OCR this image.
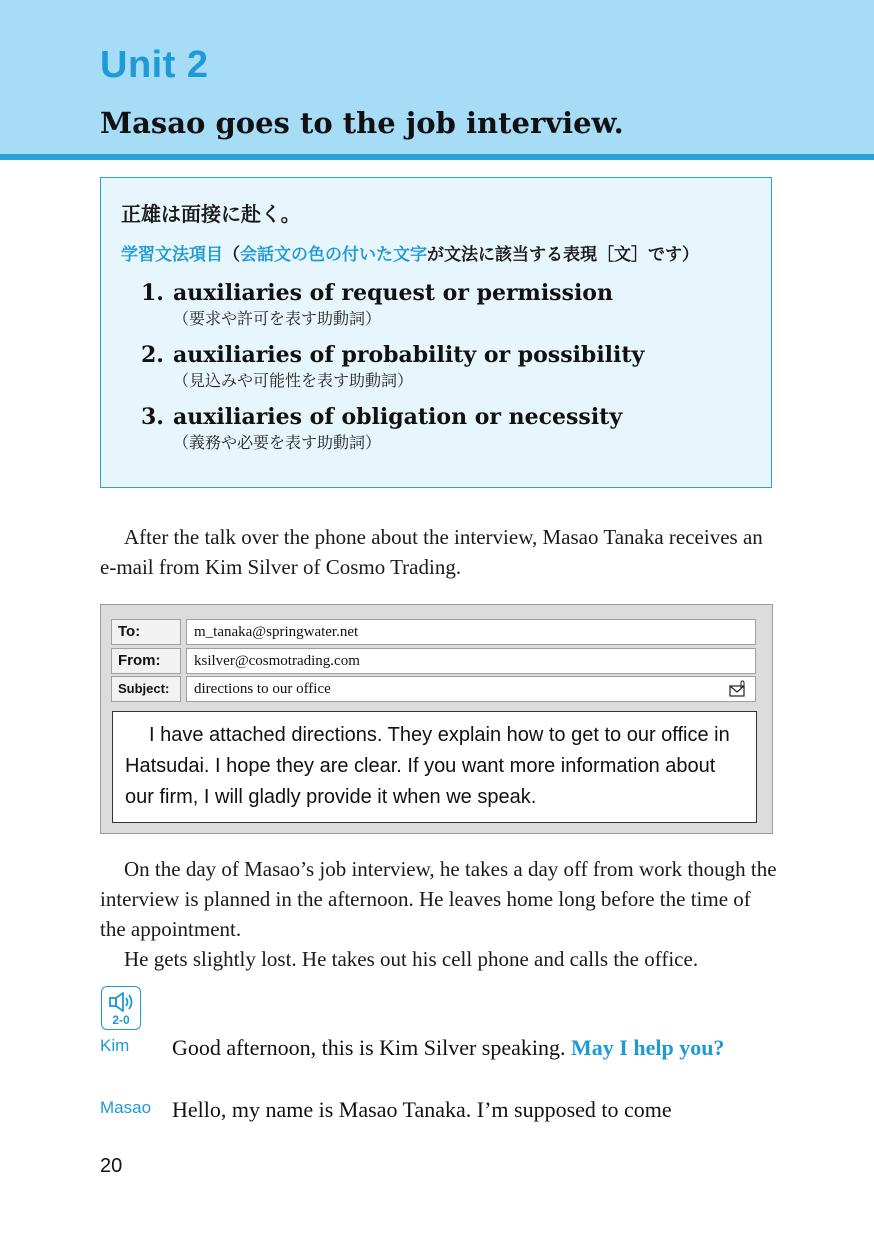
Unit 2
Masao goes to the job interview.
正雄は面接に赴く。
学習文法項目（会話文の色の付いた文字が文法に該当する表現［文］です）
1. auxiliaries of request or permission
（要求や許可を表す助動詞）
2. auxiliaries of probability or possibility
（見込みや可能性を表す助動詞）
3. auxiliaries of obligation or necessity
（義務や必要を表す助動詞）

After the talk over the phone about the interview, Masao Tanaka receives an e-mail from Kim Silver of Cosmo Trading.

To:	m_tanaka@springwater.net
From:	ksilver@cosmotrading.com
Subject:	directions to our office

I have attached directions. They explain how to get to our office in Hatsudai. I hope they are clear. If you want more information about our firm, I will gladly provide it when we speak.

On the day of Masao’s job interview, he takes a day off from work though the interview is planned in the afternoon. He leaves home long before the time of the appointment.

He gets slightly lost. He takes out his cell phone and calls the office.

2-0
Kim Good afternoon, this is Kim Silver speaking. May I help you?
Masao Hello, my name is Masao Tanaka. I’m supposed to come
20
